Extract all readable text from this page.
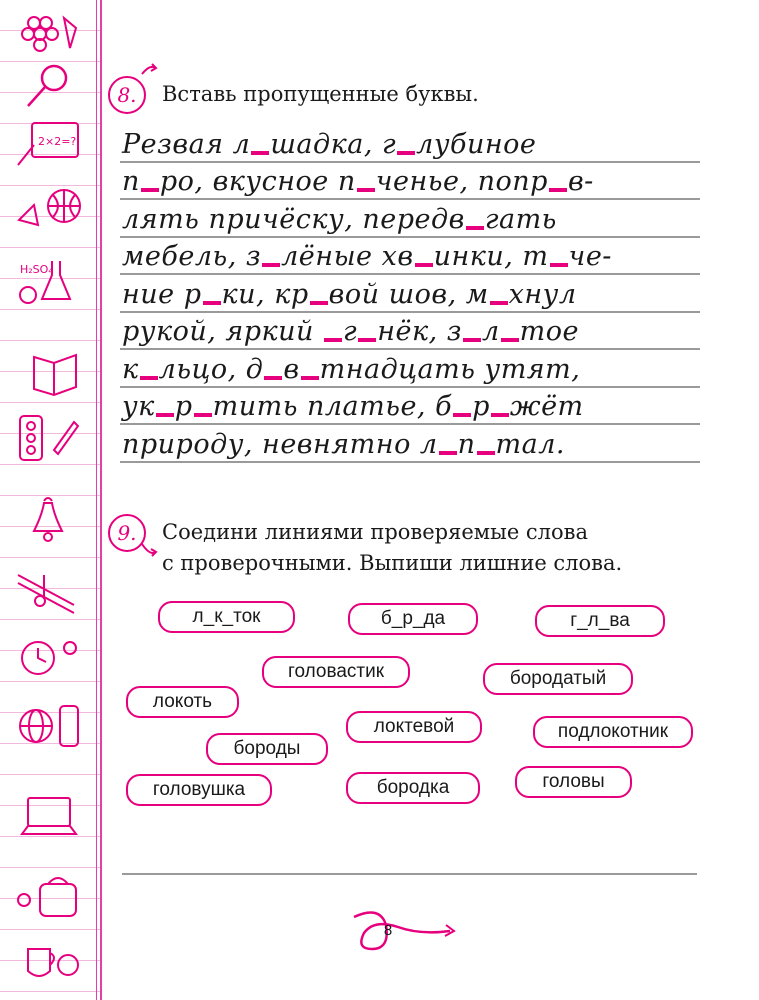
2×2=?
H₂SO₄
8.	Вставь пропущенные буквы.
Резвая л шадка, г лубиное
п ро, вкусное п ченье, попр в-
лять причёску, передв гать
мебель, з лёные хв инки, т че-
ние р ки, кр вой шов, м хнул
рукой, яркий г нёк, з л тое
к льцо, д в тнадцать утят,
ук р тить платье, б р жёт
природу, невнятно л п тал.
9.	Соедини линиями проверяемые слова
с проверочными. Выпиши лишние слова.
л_к_ток	б_р_да	г_л_ва
головастик	бородатый
локоть
локтевой	подлокотник
бороды
головушка	бородка	головы
8
